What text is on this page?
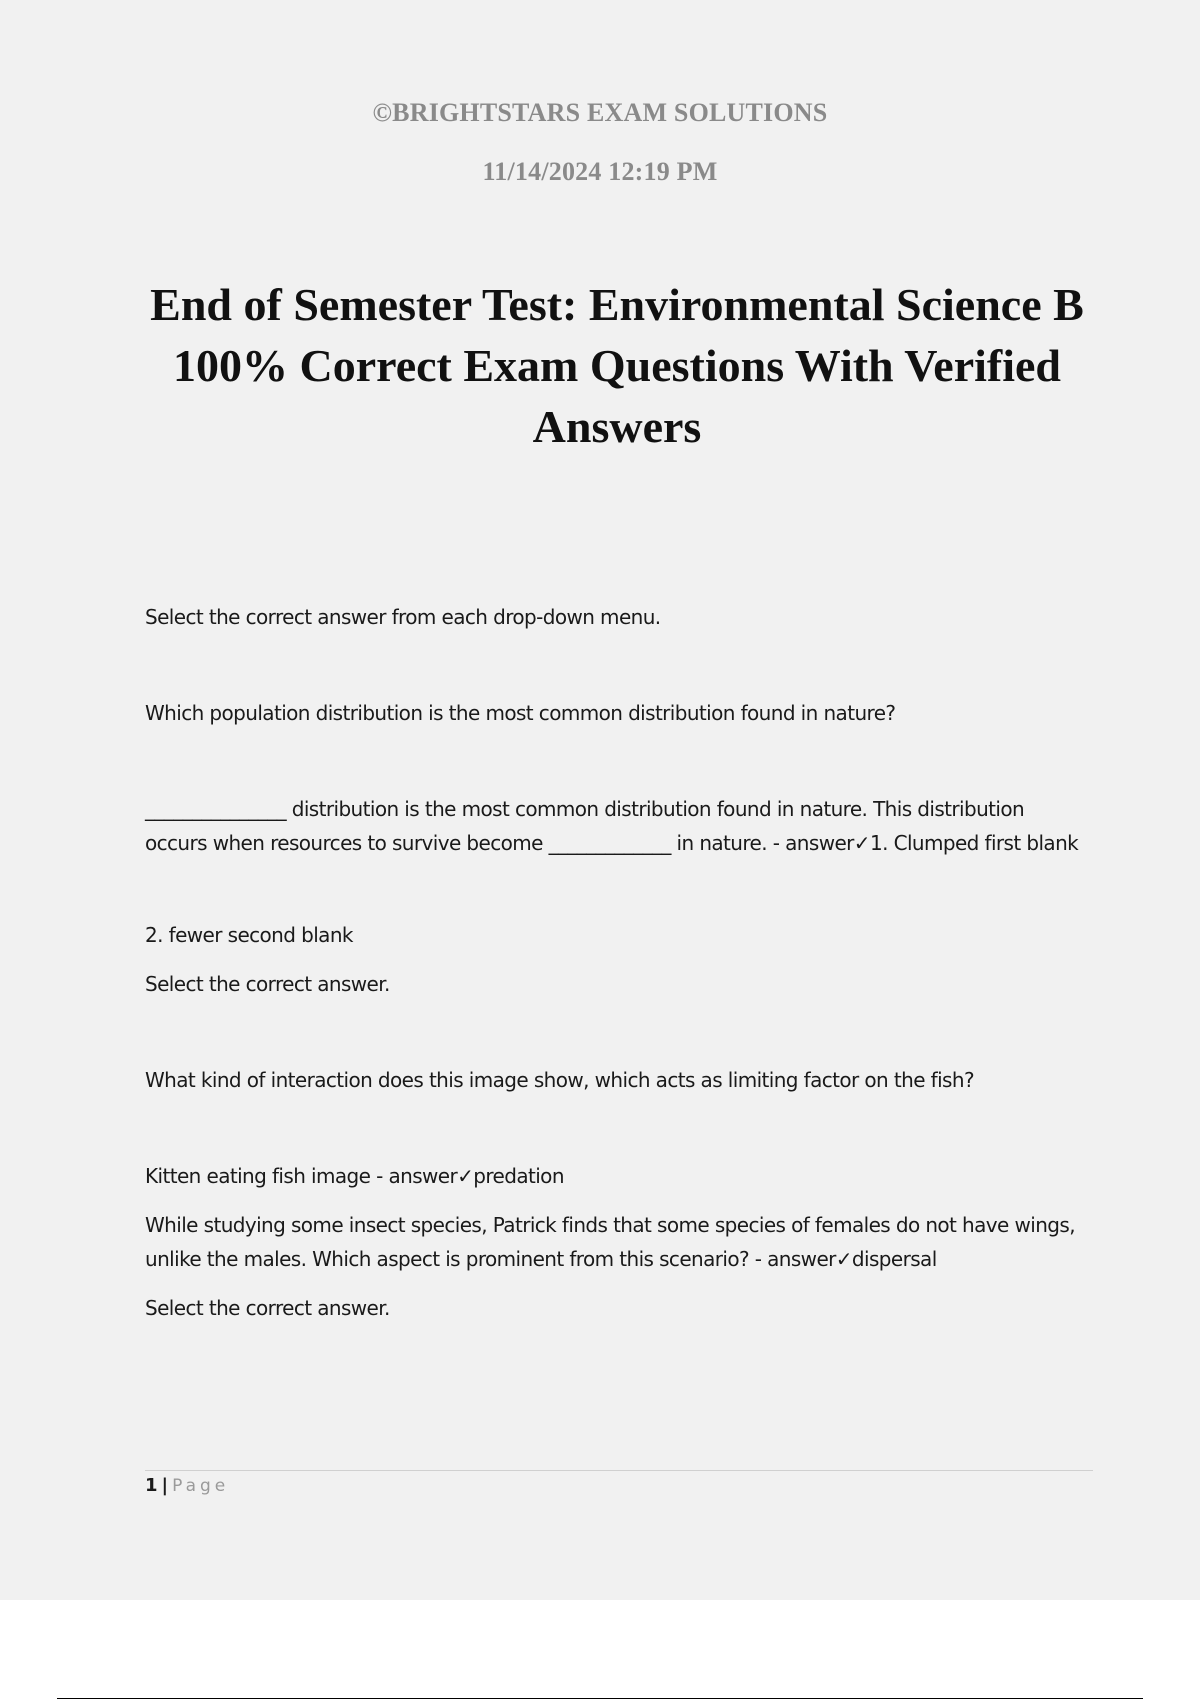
©BRIGHTSTARS EXAM SOLUTIONS
11/14/2024 12:19 PM
End of Semester Test: Environmental Science B 100% Correct Exam Questions With Verified Answers

Select the correct answer from each drop-down menu.

Which population distribution is the most common distribution found in nature?

_______________ distribution is the most common distribution found in nature. This distribution occurs when resources to survive become _____________ in nature. - answer✓1. Clumped first blank

2. fewer second blank

Select the correct answer.

What kind of interaction does this image show, which acts as limiting factor on the fish?

Kitten eating fish image - answer✓predation

While studying some insect species, Patrick finds that some species of females do not have wings, unlike the males. Which aspect is prominent from this scenario? - answer✓dispersal

Select the correct answer.

1 | Page
